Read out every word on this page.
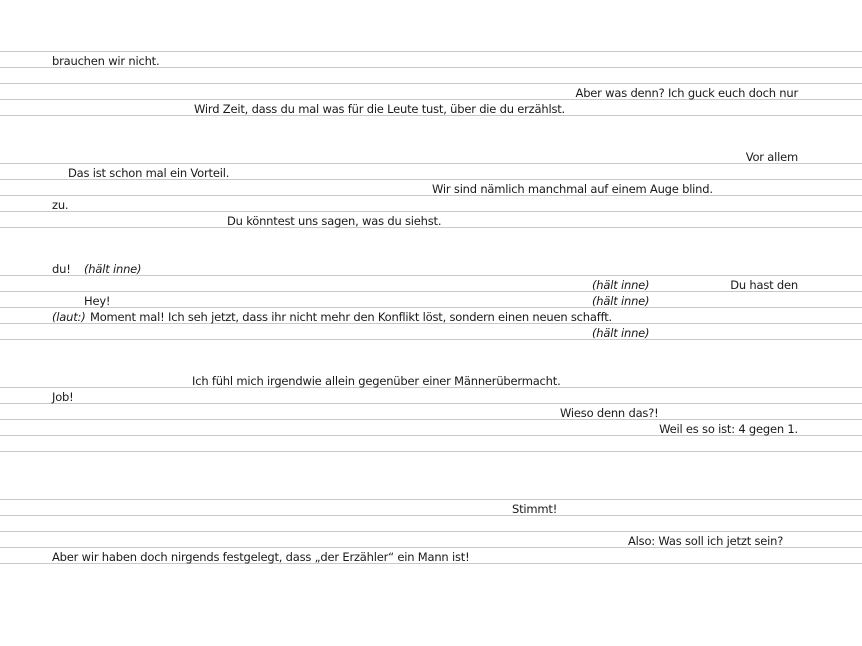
brauchen wir nicht.
Aber was denn? Ich guck euch doch nur
Wird Zeit, dass du mal was für die Leute tust, über die du erzählst.
Vor allem
Das ist schon mal ein Vorteil.
Wir sind nämlich manchmal auf einem Auge blind.
zu.
Du könntest uns sagen, was du siehst.
du! (hält inne)
(hält inne)	Du hast den
Hey!	(hält inne)
(laut:) Moment mal! Ich seh jetzt, dass ihr nicht mehr den Konflikt löst, sondern einen neuen schafft.
(hält inne)
Ich fühl mich irgendwie allein gegenüber einer Männerübermacht.
Job!
Wieso denn das?!
Weil es so ist: 4 gegen 1.
Stimmt!
Also: Was soll ich jetzt sein?
Aber wir haben doch nirgends festgelegt, dass „der Erzähler“ ein Mann ist!
